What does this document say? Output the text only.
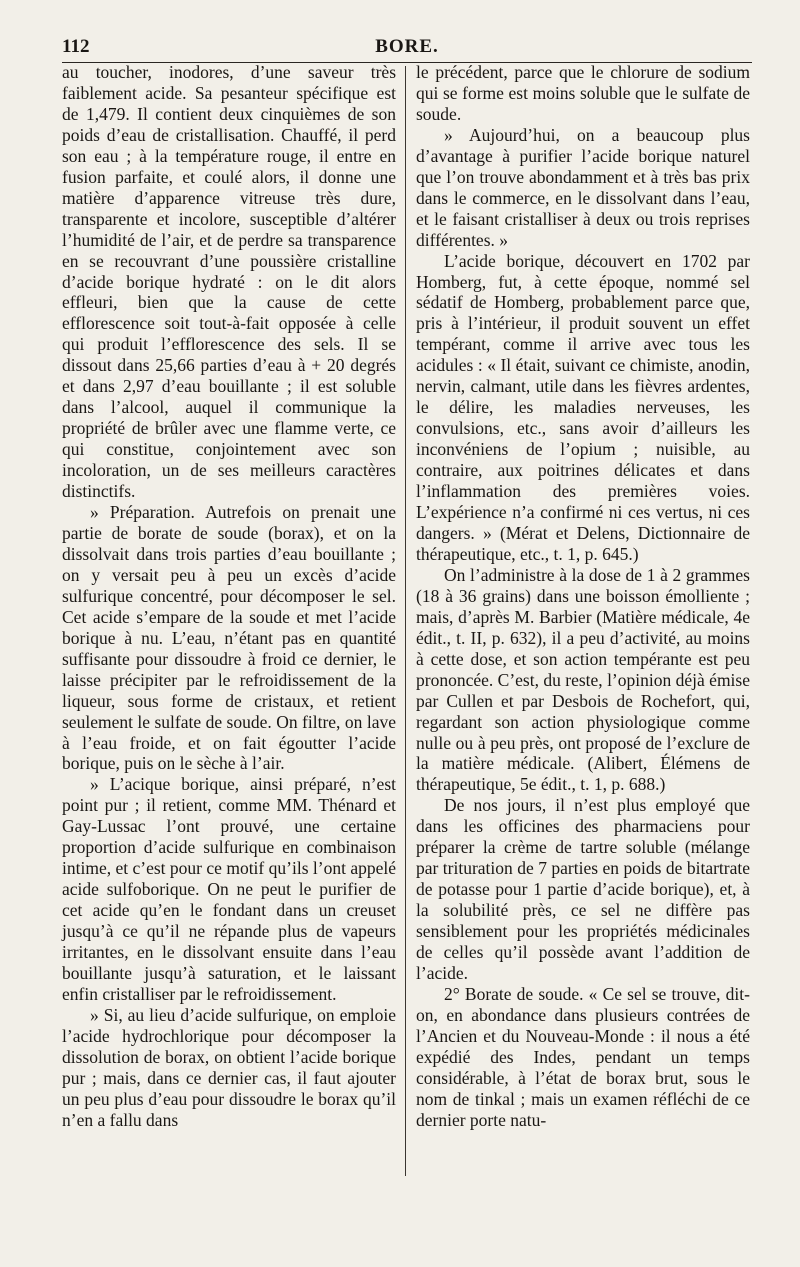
112	BORE.

au toucher, inodores, d’une saveur très faiblement acide. Sa pesanteur spécifique est de 1,479. Il contient deux cinquièmes de son poids d’eau de cristallisation. Chauffé, il perd son eau ; à la température rouge, il entre en fusion parfaite, et coulé alors, il donne une matière d’apparence vitreuse très dure, transparente et incolore, susceptible d’altérer l’humidité de l’air, et de perdre sa transparence en se recouvrant d’une poussière cristalline d’acide borique hydraté : on le dit alors effleuri, bien que la cause de cette efflorescence soit tout-à-fait opposée à celle qui produit l’efflorescence des sels. Il se dissout dans 25,66 parties d’eau à + 20 degrés et dans 2,97 d’eau bouillante ; il est soluble dans l’alcool, auquel il communique la propriété de brûler avec une flamme verte, ce qui constitue, conjointement avec son incoloration, un de ses meilleurs caractères distinctifs.

» Préparation. Autrefois on prenait une partie de borate de soude (borax), et on la dissolvait dans trois parties d’eau bouillante ; on y versait peu à peu un excès d’acide sulfurique concentré, pour décomposer le sel. Cet acide s’empare de la soude et met l’acide borique à nu. L’eau, n’étant pas en quantité suffisante pour dissoudre à froid ce dernier, le laisse précipiter par le refroidissement de la liqueur, sous forme de cristaux, et retient seulement le sulfate de soude. On filtre, on lave à l’eau froide, et on fait égoutter l’acide borique, puis on le sèche à l’air.

» L’acique borique, ainsi préparé, n’est point pur ; il retient, comme MM. Thénard et Gay-Lussac l’ont prouvé, une certaine proportion d’acide sulfurique en combinaison intime, et c’est pour ce motif qu’ils l’ont appelé acide sulfoborique. On ne peut le purifier de cet acide qu’en le fondant dans un creuset jusqu’à ce qu’il ne répande plus de vapeurs irritantes, en le dissolvant ensuite dans l’eau bouillante jusqu’à saturation, et le laissant enfin cristalliser par le refroidissement.

» Si, au lieu d’acide sulfurique, on emploie l’acide hydrochlorique pour décomposer la dissolution de borax, on obtient l’acide borique pur ; mais, dans ce dernier cas, il faut ajouter un peu plus d’eau pour dissoudre le borax qu’il n’en a fallu dans

le précédent, parce que le chlorure de sodium qui se forme est moins soluble que le sulfate de soude.

» Aujourd’hui, on a beaucoup plus d’avantage à purifier l’acide borique naturel que l’on trouve abondamment et à très bas prix dans le commerce, en le dissolvant dans l’eau, et le faisant cristalliser à deux ou trois reprises différentes. »

L’acide borique, découvert en 1702 par Homberg, fut, à cette époque, nommé sel sédatif de Homberg, probablement parce que, pris à l’intérieur, il produit souvent un effet tempérant, comme il arrive avec tous les acidules : « Il était, suivant ce chimiste, anodin, nervin, calmant, utile dans les fièvres ardentes, le délire, les maladies nerveuses, les convulsions, etc., sans avoir d’ailleurs les inconvéniens de l’opium ; nuisible, au contraire, aux poitrines délicates et dans l’inflammation des premières voies. L’expérience n’a confirmé ni ces vertus, ni ces dangers. » (Mérat et Delens, Dictionnaire de thérapeutique, etc., t. 1, p. 645.)

On l’administre à la dose de 1 à 2 grammes (18 à 36 grains) dans une boisson émolliente ; mais, d’après M. Barbier (Matière médicale, 4e édit., t. II, p. 632), il a peu d’activité, au moins à cette dose, et son action tempérante est peu prononcée. C’est, du reste, l’opinion déjà émise par Cullen et par Desbois de Rochefort, qui, regardant son action physiologique comme nulle ou à peu près, ont proposé de l’exclure de la matière médicale. (Alibert, Élémens de thérapeutique, 5e édit., t. 1, p. 688.)

De nos jours, il n’est plus employé que dans les officines des pharmaciens pour préparer la crème de tartre soluble (mélange par trituration de 7 parties en poids de bitartrate de potasse pour 1 partie d’acide borique), et, à la solubilité près, ce sel ne diffère pas sensiblement pour les propriétés médicinales de celles qu’il possède avant l’addition de l’acide.

2° Borate de soude. « Ce sel se trouve, dit-on, en abondance dans plusieurs contrées de l’Ancien et du Nouveau-Monde : il nous a été expédié des Indes, pendant un temps considérable, à l’état de borax brut, sous le nom de tinkal ; mais un examen réfléchi de ce dernier porte natu-
